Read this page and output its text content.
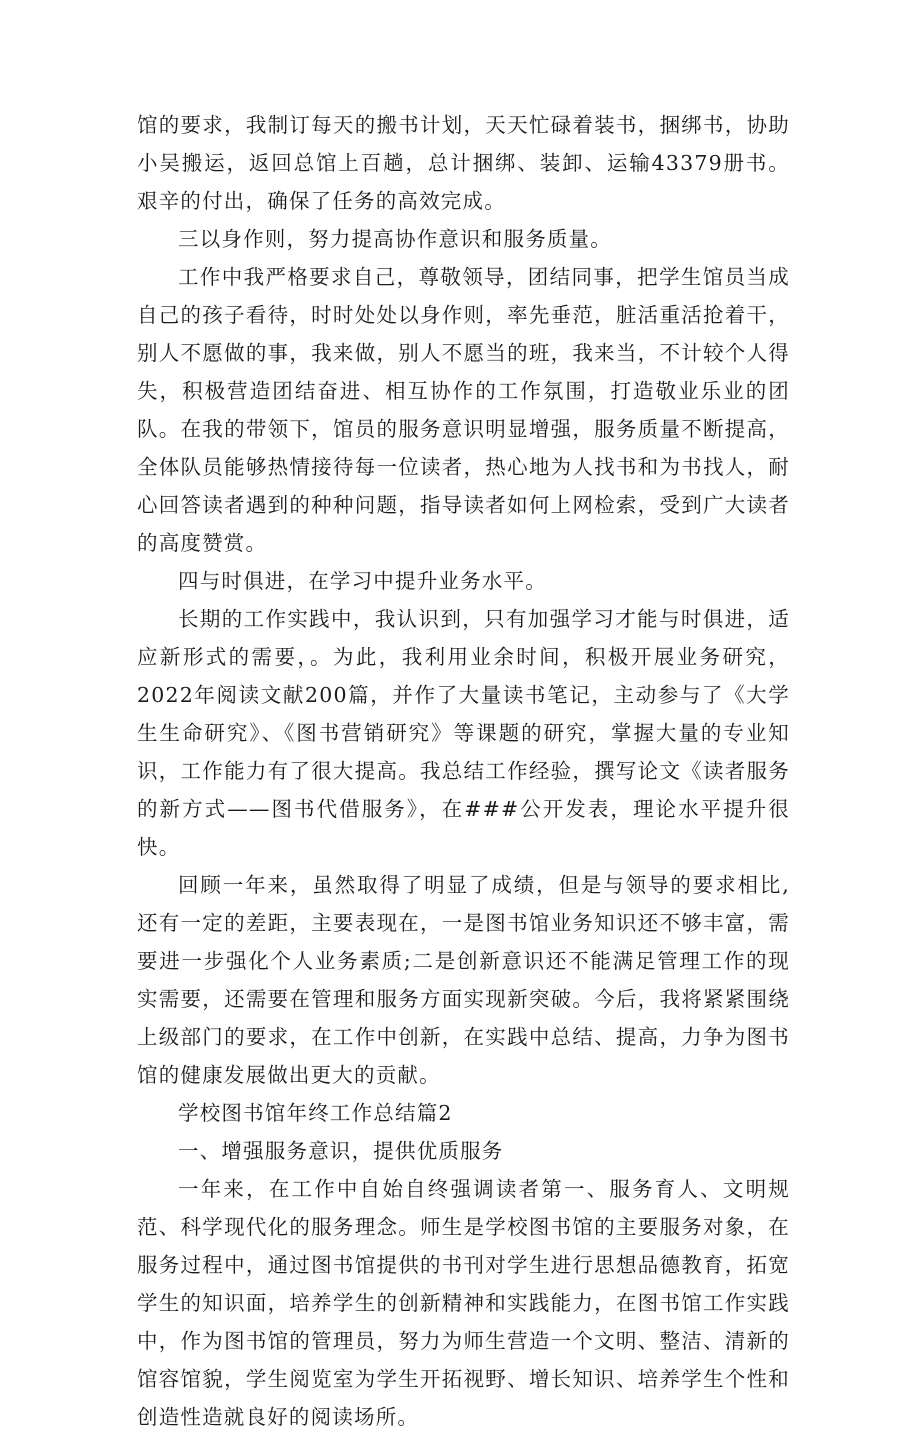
馆的要求，我制订每天的搬书计划，天天忙碌着装书，捆绑书，协助小吴搬运，返回总馆上百趟，总计捆绑、装卸、运输43379册书。艰辛的付出，确保了任务的高效完成。

三以身作则，努力提高协作意识和服务质量。

工作中我严格要求自己，尊敬领导，团结同事，把学生馆员当成自己的孩子看待，时时处处以身作则，率先垂范，脏活重活抢着干，别人不愿做的事，我来做，别人不愿当的班，我来当，不计较个人得失，积极营造团结奋进、相互协作的工作氛围，打造敬业乐业的团队。在我的带领下，馆员的服务意识明显增强，服务质量不断提高，全体队员能够热情接待每一位读者，热心地为人找书和为书找人，耐心回答读者遇到的种种问题，指导读者如何上网检索，受到广大读者的高度赞赏。

四与时俱进，在学习中提升业务水平。

长期的工作实践中，我认识到，只有加强学习才能与时俱进，适应新形式的需要，。为此，我利用业余时间，积极开展业务研究，2022年阅读文献200篇，并作了大量读书笔记，主动参与了《大学生生命研究》、《图书营销研究》等课题的研究，掌握大量的专业知识，工作能力有了很大提高。我总结工作经验，撰写论文《读者服务的新方式——图书代借服务》，在###公开发表，理论水平提升很快。

回顾一年来，虽然取得了明显了成绩，但是与领导的要求相比,还有一定的差距，主要表现在，一是图书馆业务知识还不够丰富，需要进一步强化个人业务素质;二是创新意识还不能满足管理工作的现实需要，还需要在管理和服务方面实现新突破。今后，我将紧紧围绕上级部门的要求，在工作中创新，在实践中总结、提高，力争为图书馆的健康发展做出更大的贡献。

学校图书馆年终工作总结篇2

一、增强服务意识，提供优质服务

一年来，在工作中自始自终强调读者第一、服务育人、文明规范、科学现代化的服务理念。师生是学校图书馆的主要服务对象，在服务过程中，通过图书馆提供的书刊对学生进行思想品德教育，拓宽学生的知识面，培养学生的创新精神和实践能力，在图书馆工作实践中，作为图书馆的管理员，努力为师生营造一个文明、整洁、清新的馆容馆貌，学生阅览室为学生开拓视野、增长知识、培养学生个性和创造性造就良好的阅读场所。
